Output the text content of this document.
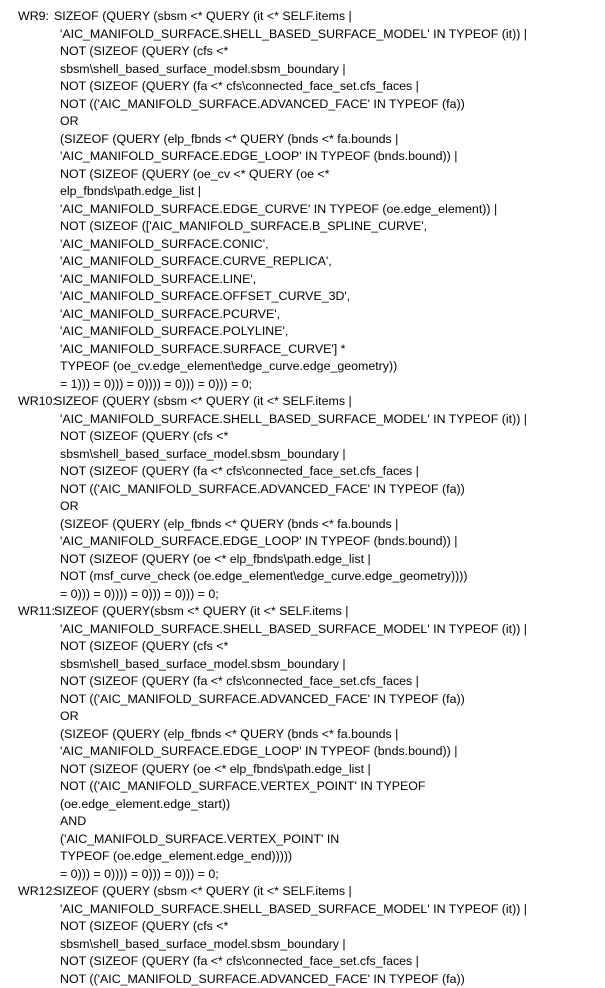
WR9: SIZEOF (QUERY (sbsm <* QUERY (it <* SELF.items |
'AIC_MANIFOLD_SURFACE.SHELL_BASED_SURFACE_MODEL' IN TYPEOF (it)) |
NOT (SIZEOF (QUERY (cfs <*
sbsm\shell_based_surface_model.sbsm_boundary |
NOT (SIZEOF (QUERY (fa <* cfs\connected_face_set.cfs_faces |
NOT (('AIC_MANIFOLD_SURFACE.ADVANCED_FACE' IN TYPEOF (fa))
OR
(SIZEOF (QUERY (elp_fbnds <* QUERY (bnds <* fa.bounds |
'AIC_MANIFOLD_SURFACE.EDGE_LOOP' IN TYPEOF (bnds.bound)) |
NOT (SIZEOF (QUERY (oe_cv <* QUERY (oe <*
elp_fbnds\path.edge_list |
'AIC_MANIFOLD_SURFACE.EDGE_CURVE' IN TYPEOF (oe.edge_element)) |
NOT (SIZEOF (['AIC_MANIFOLD_SURFACE.B_SPLINE_CURVE',
'AIC_MANIFOLD_SURFACE.CONIC',
'AIC_MANIFOLD_SURFACE.CURVE_REPLICA',
'AIC_MANIFOLD_SURFACE.LINE',
'AIC_MANIFOLD_SURFACE.OFFSET_CURVE_3D',
'AIC_MANIFOLD_SURFACE.PCURVE',
'AIC_MANIFOLD_SURFACE.POLYLINE',
'AIC_MANIFOLD_SURFACE.SURFACE_CURVE'] *
TYPEOF (oe_cv.edge_element\edge_curve.edge_geometry))
= 1))) = 0))) = 0)))) = 0))) = 0))) = 0;
WR10:
SIZEOF (QUERY (sbsm <* QUERY (it <* SELF.items |
'AIC_MANIFOLD_SURFACE.SHELL_BASED_SURFACE_MODEL' IN TYPEOF (it)) |
NOT (SIZEOF (QUERY (cfs <*
sbsm\shell_based_surface_model.sbsm_boundary |
NOT (SIZEOF (QUERY (fa <* cfs\connected_face_set.cfs_faces |
NOT (('AIC_MANIFOLD_SURFACE.ADVANCED_FACE' IN TYPEOF (fa))
OR
(SIZEOF (QUERY (elp_fbnds <* QUERY (bnds <* fa.bounds |
'AIC_MANIFOLD_SURFACE.EDGE_LOOP' IN TYPEOF (bnds.bound)) |
NOT (SIZEOF (QUERY (oe <* elp_fbnds\path.edge_list |
NOT (msf_curve_check (oe.edge_element\edge_curve.edge_geometry))))
= 0))) = 0)))) = 0))) = 0))) = 0;
WR11: SIZEOF (QUERY(sbsm <* QUERY (it <* SELF.items |
'AIC_MANIFOLD_SURFACE.SHELL_BASED_SURFACE_MODEL' IN TYPEOF (it)) |
NOT (SIZEOF (QUERY (cfs <*
sbsm\shell_based_surface_model.sbsm_boundary |
NOT (SIZEOF (QUERY (fa <* cfs\connected_face_set.cfs_faces |
NOT (('AIC_MANIFOLD_SURFACE.ADVANCED_FACE' IN TYPEOF (fa))
OR
(SIZEOF (QUERY (elp_fbnds <* QUERY (bnds <* fa.bounds |
'AIC_MANIFOLD_SURFACE.EDGE_LOOP' IN TYPEOF (bnds.bound)) |
NOT (SIZEOF (QUERY (oe <* elp_fbnds\path.edge_list |
NOT (('AIC_MANIFOLD_SURFACE.VERTEX_POINT' IN TYPEOF
(oe.edge_element.edge_start))
AND
('AIC_MANIFOLD_SURFACE.VERTEX_POINT' IN
TYPEOF (oe.edge_element.edge_end)))))
= 0))) = 0)))) = 0))) = 0))) = 0;
WR12:
SIZEOF (QUERY (sbsm <* QUERY (it <* SELF.items |
'AIC_MANIFOLD_SURFACE.SHELL_BASED_SURFACE_MODEL' IN TYPEOF (it)) |
NOT (SIZEOF (QUERY (cfs <*
sbsm\shell_based_surface_model.sbsm_boundary |
NOT (SIZEOF (QUERY (fa <* cfs\connected_face_set.cfs_faces |
NOT (('AIC_MANIFOLD_SURFACE.ADVANCED_FACE' IN TYPEOF (fa))
